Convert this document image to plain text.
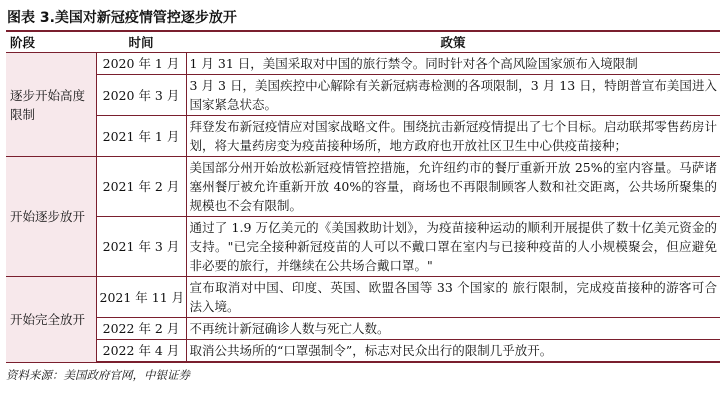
图表 3.美国对新冠疫情管控逐步放开
阶段	时间	政策
逐步开始高度限制	2020 年 1 月	1 月 31 日，美国采取对中国的旅行禁令。同时针对各个高风险国家颁布入境限制
	2020 年 3 月	3 月 3 日，美国疾控中心解除有关新冠病毒检测的各项限制，3 月 13 日，特朗普宣布美国进入国家紧急状态。
	2021 年 1 月	拜登发布新冠疫情应对国家战略文件。围绕抗击新冠疫情提出了七个目标。启动联邦零售药房计划，将大量药房变为疫苗接种场所，地方政府也开放社区卫生中心供疫苗接种；
开始逐步放开	2021 年 2 月	美国部分州开始放松新冠疫情管控措施，允许纽约市的餐厅重新开放 25%的室内容量。马萨诸塞州餐厅被允许重新开放 40%的容量，商场也不再限制顾客人数和社交距离，公共场所聚集的规模也不会有限制。
	2021 年 3 月	通过了 1.9 万亿美元的《美国救助计划》，为疫苗接种运动的顺利开展提供了数十亿美元资金的支持。"已完全接种新冠疫苗的人可以不戴口罩在室内与已接种疫苗的人小规模聚会，但应避免非必要的旅行，并继续在公共场合戴口罩。"
开始完全放开	2021 年 11 月	宣布取消对中国、印度、英国、欧盟各国等 33 个国家的 旅行限制，完成疫苗接种的游客可合法入境。
	2022 年 2 月	不再统计新冠确诊人数与死亡人数。
	2022 年 4 月	取消公共场所的“口罩强制令”，标志对民众出行的限制几乎放开。
资料来源：美国政府官网，中银证券
